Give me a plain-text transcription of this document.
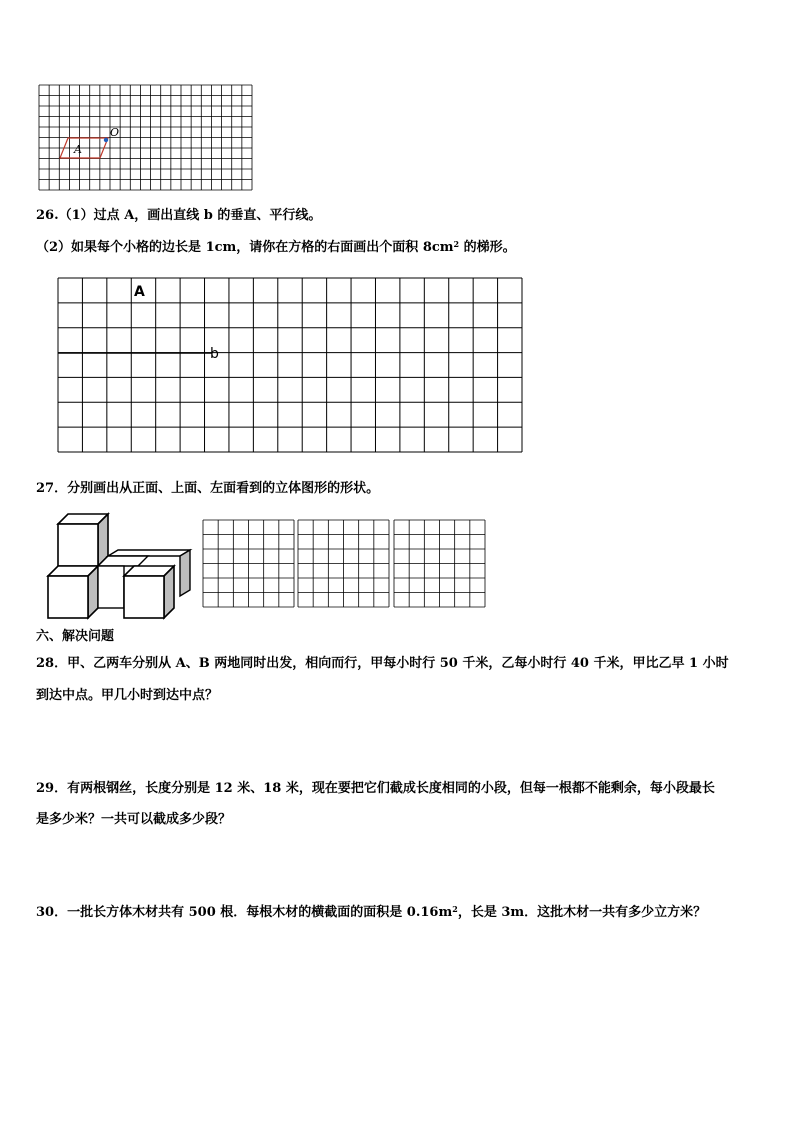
A
O
26.（1）过点 A，画出直线 b 的垂直、平行线。
（2）如果每个小格的边长是 1cm，请你在方格的右面画出个面积 $8cm^2$ 的梯形。
A
b
27．分别画出从正面、上面、左面看到的立体图形的形状。
六、解决问题
28．甲、乙两车分别从 A、B 两地同时出发，相向而行，甲每小时行 50 千米，乙每小时行 40 千米，甲比乙早 1 小时
到达中点。甲几小时到达中点？
29．有两根钢丝，长度分别是 12 米、18 米，现在要把它们截成长度相同的小段，但每一根都不能剩余，每小段最长
是多少米？一共可以截成多少段？
30．一批长方体木材共有 500 根．每根木材的横截面的面积是 $0.16m^2$，长是 3m．这批木材一共有多少立方米？
